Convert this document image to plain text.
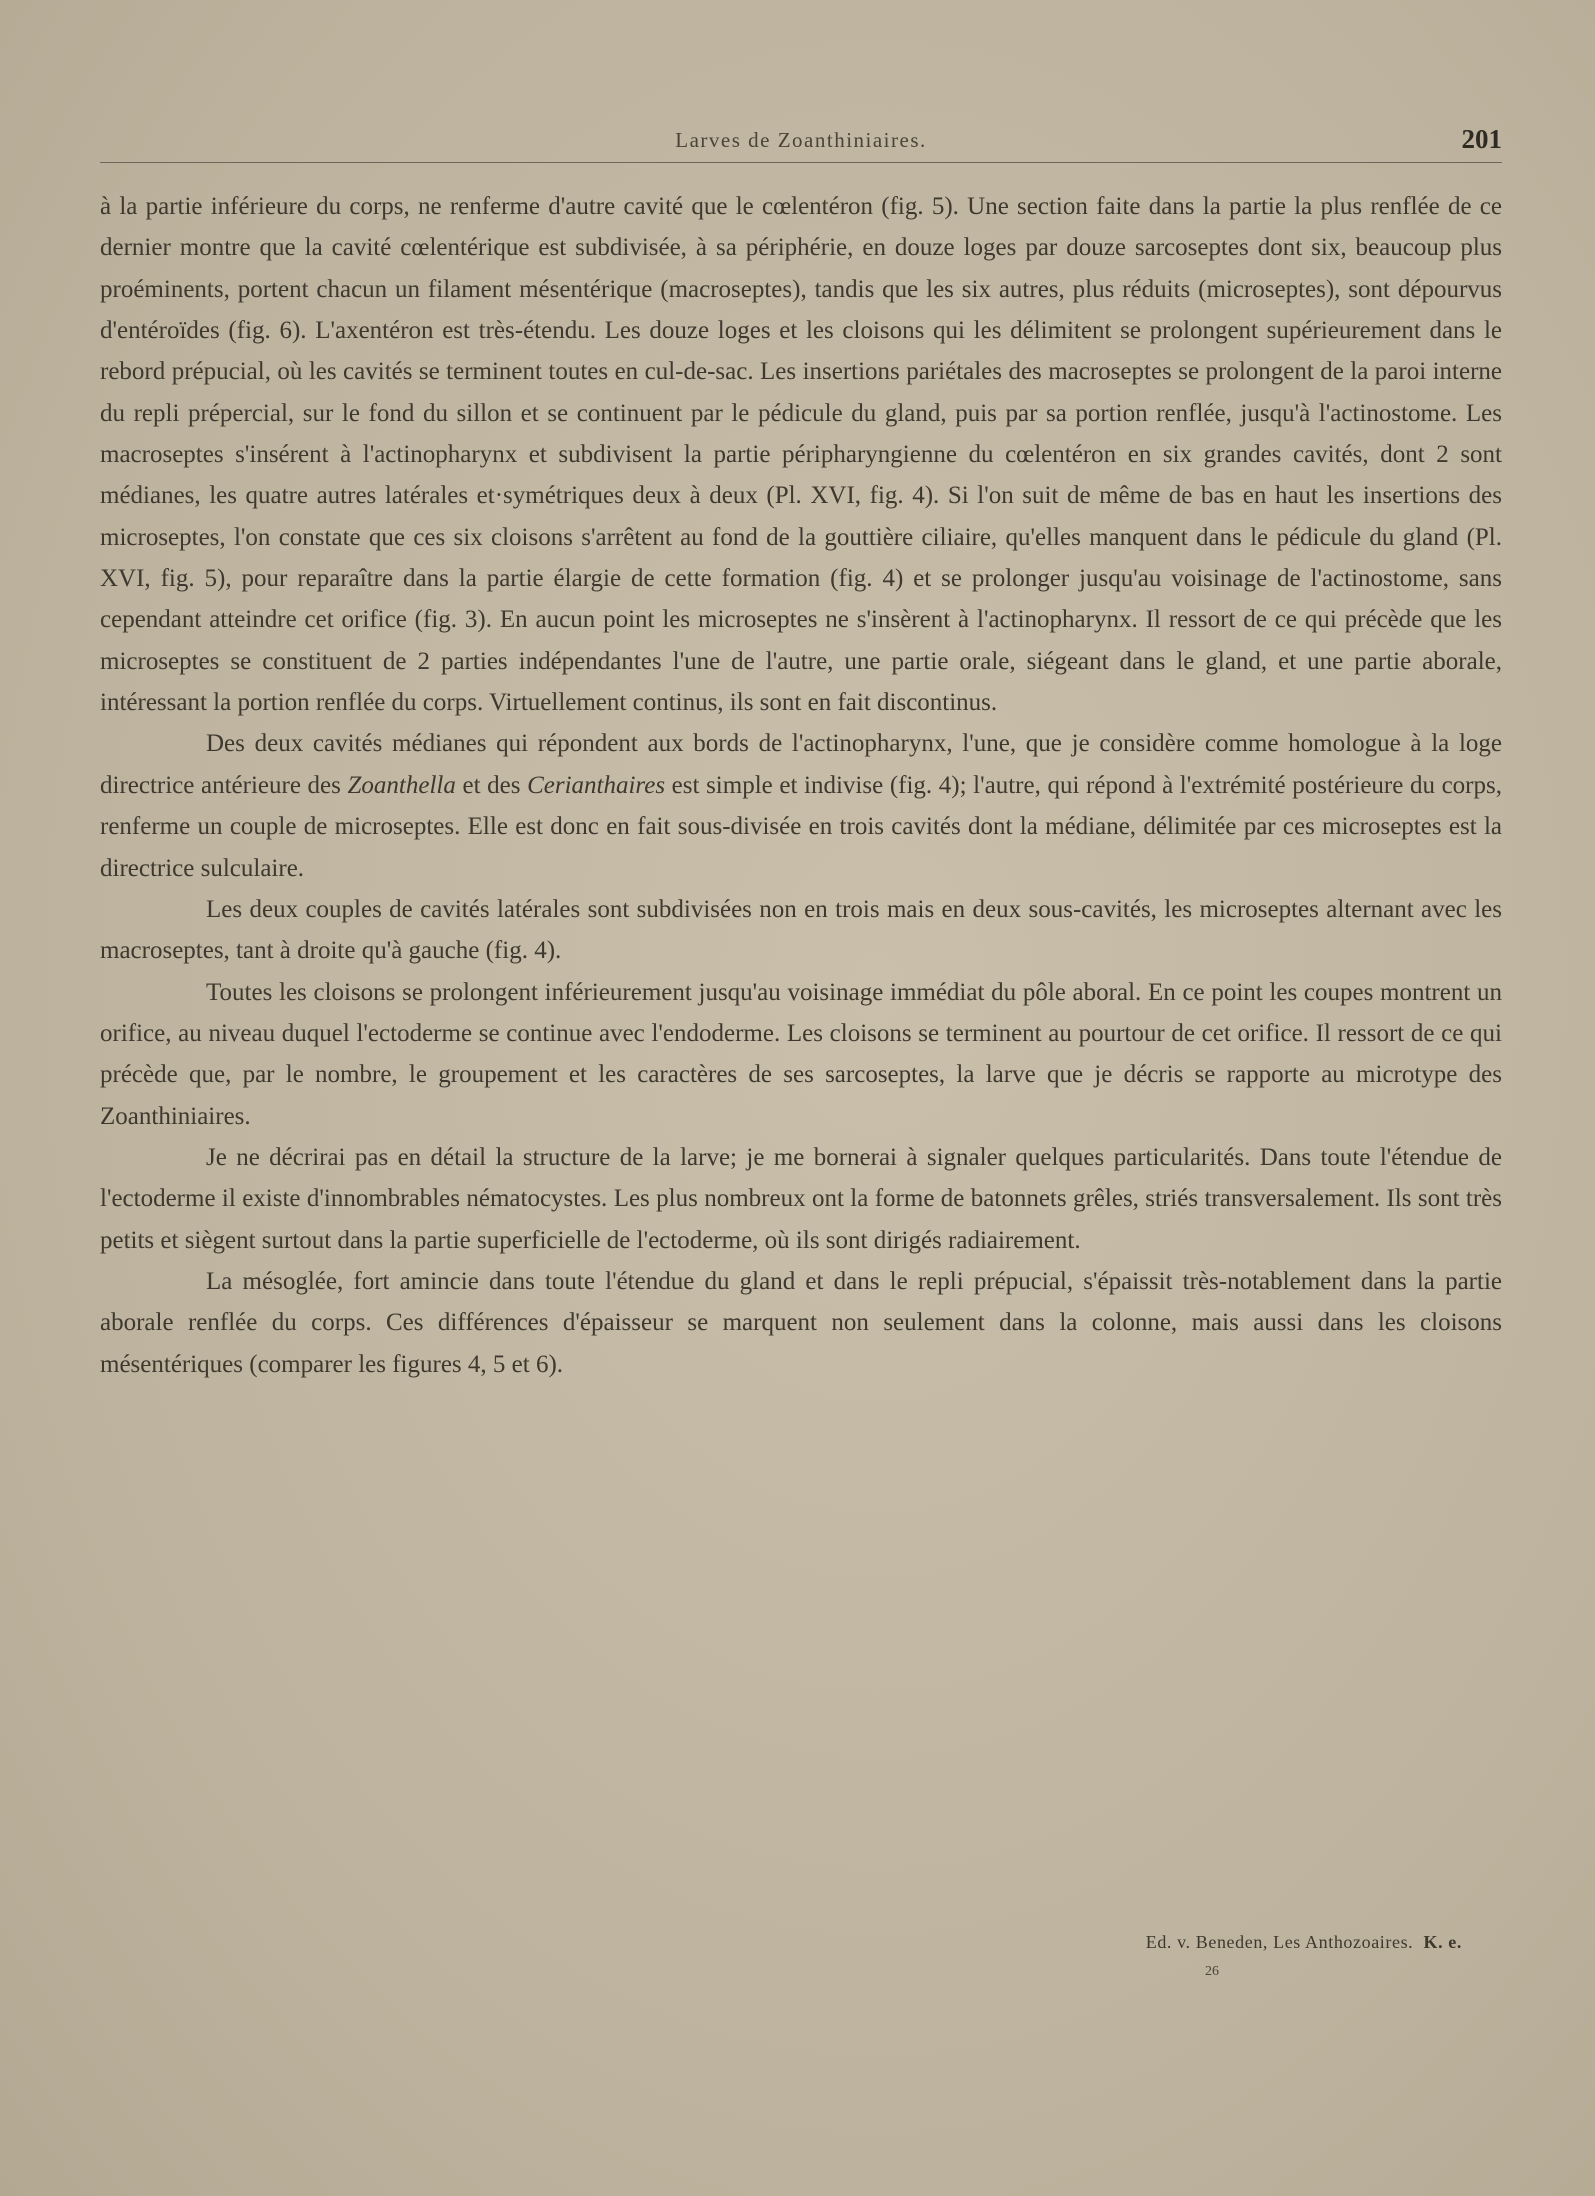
Larves de Zoanthiniaires.	201

à la partie inférieure du corps, ne renferme d'autre cavité que le cœlentéron (fig. 5). Une section faite dans la partie la plus renflée de ce dernier montre que la cavité cœlentérique est subdivisée, à sa périphérie, en douze loges par douze sarcoseptes dont six, beaucoup plus proéminents, portent chacun un filament mésentérique (macroseptes), tandis que les six autres, plus réduits (microseptes), sont dépourvus d'entéroïdes (fig. 6). L'axentéron est très-étendu. Les douze loges et les cloisons qui les délimitent se prolongent supérieurement dans le rebord prépucial, où les cavités se terminent toutes en cul-de-sac. Les insertions pariétales des macroseptes se prolongent de la paroi interne du repli prépercial, sur le fond du sillon et se continuent par le pédicule du gland, puis par sa portion renflée, jusqu'à l'actinostome. Les macroseptes s'insérent à l'actinopharynx et subdivisent la partie péripharyngienne du cœlentéron en six grandes cavités, dont 2 sont médianes, les quatre autres latérales et·symétriques deux à deux (Pl. XVI, fig. 4). Si l'on suit de même de bas en haut les insertions des microseptes, l'on constate que ces six cloisons s'arrêtent au fond de la gouttière ciliaire, qu'elles manquent dans le pédicule du gland (Pl. XVI, fig. 5), pour reparaître dans la partie élargie de cette formation (fig. 4) et se prolonger jusqu'au voisinage de l'actinostome, sans cependant atteindre cet orifice (fig. 3). En aucun point les microseptes ne s'insèrent à l'actinopharynx. Il ressort de ce qui précède que les microseptes se constituent de 2 parties indépendantes l'une de l'autre, une partie orale, siégeant dans le gland, et une partie aborale, intéressant la portion renflée du corps. Virtuellement continus, ils sont en fait discontinus.

Des deux cavités médianes qui répondent aux bords de l'actinopharynx, l'une, que je considère comme homologue à la loge directrice antérieure des Zoanthella et des Cerianthaires est simple et indivise (fig. 4); l'autre, qui répond à l'extrémité postérieure du corps, renferme un couple de microseptes. Elle est donc en fait sous-divisée en trois cavités dont la médiane, délimitée par ces microseptes est la directrice sulculaire.

Les deux couples de cavités latérales sont subdivisées non en trois mais en deux sous-cavités, les microseptes alternant avec les macroseptes, tant à droite qu'à gauche (fig. 4).

Toutes les cloisons se prolongent inférieurement jusqu'au voisinage immédiat du pôle aboral. En ce point les coupes montrent un orifice, au niveau duquel l'ectoderme se continue avec l'endoderme. Les cloisons se terminent au pourtour de cet orifice. Il ressort de ce qui précède que, par le nombre, le groupement et les caractères de ses sarcoseptes, la larve que je décris se rapporte au microtype des Zoanthiniaires.

Je ne décrirai pas en détail la structure de la larve; je me bornerai à signaler quelques particularités. Dans toute l'étendue de l'ectoderme il existe d'innombrables nématocystes. Les plus nombreux ont la forme de batonnets grêles, striés transversalement. Ils sont très petits et siègent surtout dans la partie superficielle de l'ectoderme, où ils sont dirigés radiairement.

La mésoglée, fort amincie dans toute l'étendue du gland et dans le repli prépucial, s'épaissit très-notablement dans la partie aborale renflée du corps. Ces différences d'épaisseur se marquent non seulement dans la colonne, mais aussi dans les cloisons mésentériques (comparer les figures 4, 5 et 6).

Ed. v. Beneden, Les Anthozoaires. K. e.
26
